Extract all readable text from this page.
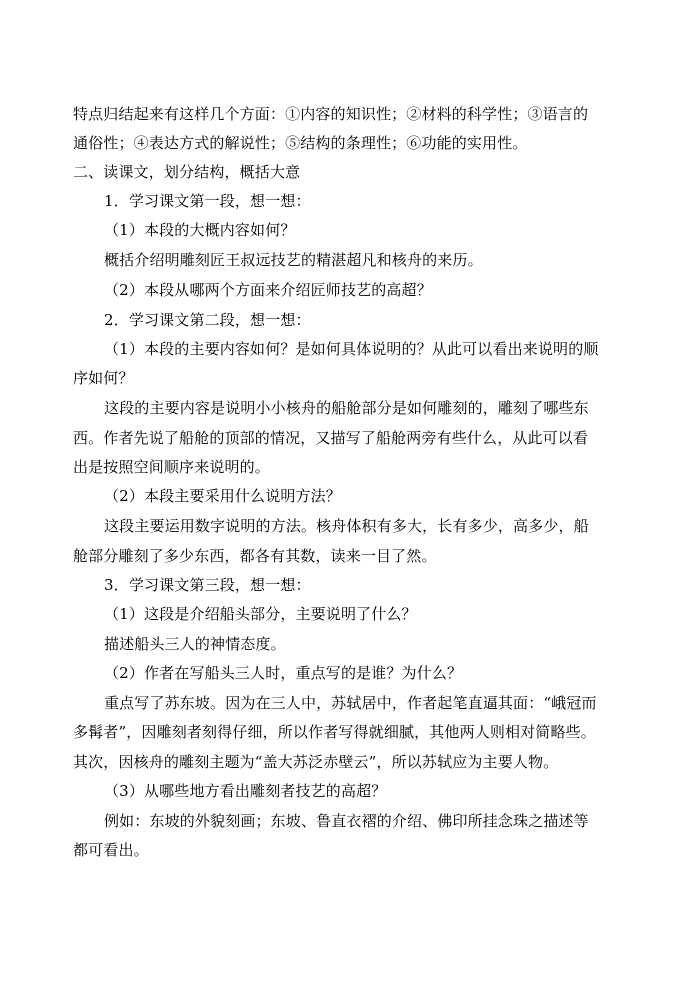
特点归结起来有这样几个方面：①内容的知识性；②材料的科学性；③语言的
通俗性；④表达方式的解说性；⑤结构的条理性；⑥功能的实用性。
二、读课文，划分结构，概括大意
1．学习课文第一段，想一想：
（1）本段的大概内容如何？
概括介绍明雕刻匠王叔远技艺的精湛超凡和核舟的来历。
（2）本段从哪两个方面来介绍匠师技艺的高超？
2．学习课文第二段，想一想：
（1）本段的主要内容如何？是如何具体说明的？从此可以看出来说明的顺
序如何？
这段的主要内容是说明小小核舟的船舱部分是如何雕刻的，雕刻了哪些东
西。作者先说了船舱的顶部的情况，又描写了船舱两旁有些什么，从此可以看
出是按照空间顺序来说明的。
（2）本段主要采用什么说明方法？
这段主要运用数字说明的方法。核舟体积有多大，长有多少，高多少，船
舱部分雕刻了多少东西，都各有其数，读来一目了然。
3．学习课文第三段，想一想：
（1）这段是介绍船头部分，主要说明了什么？
描述船头三人的神情态度。
（2）作者在写船头三人时，重点写的是谁？为什么？
重点写了苏东坡。因为在三人中，苏轼居中，作者起笔直逼其面：“峨冠而
多髯者”，因雕刻者刻得仔细，所以作者写得就细腻，其他两人则相对简略些。
其次，因核舟的雕刻主题为“盖大苏泛赤壁云”，所以苏轼应为主要人物。
（3）从哪些地方看出雕刻者技艺的高超？
例如：东坡的外貌刻画；东坡、鲁直衣褶的介绍、佛印所挂念珠之描述等
都可看出。
